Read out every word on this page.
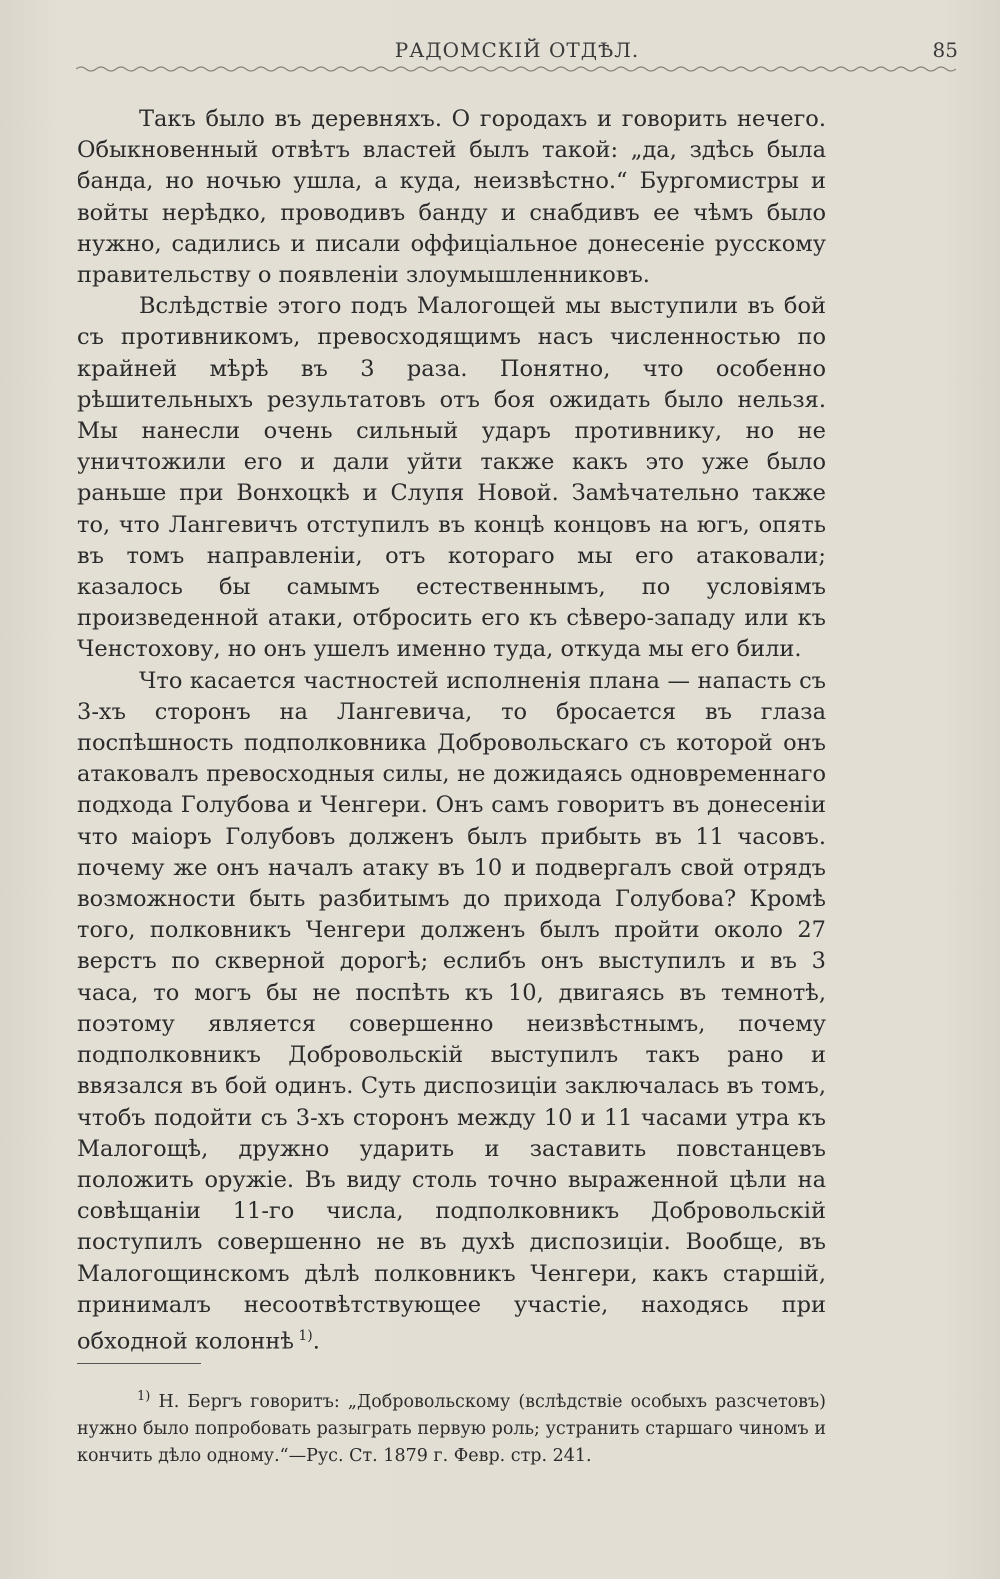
РАДОМСКІЙ ОТДѢЛ.	85

Такъ было въ деревняхъ. О городахъ и говорить нечего. Обыкновенный отвѣтъ властей былъ такой: „да, здѣсь была банда, но ночью ушла, а куда, неизвѣстно.“ Бургомистры и войты нерѣдко, проводивъ банду и снабдивъ ее чѣмъ было нужно, садились и писали оффиціальное донесеніе русскому правительству о появленіи злоумышленниковъ.

Вслѣдствіе этого подъ Малогощей мы выступили въ бой съ противникомъ, превосходящимъ насъ численностью по крайней мѣрѣ въ 3 раза. Понятно, что особенно рѣшительныхъ результатовъ отъ боя ожидать было нельзя. Мы нанесли очень сильный ударъ противнику, но не уничтожили его и дали уйти также какъ это уже было раньше при Вонхоцкѣ и Слупя Новой. Замѣчательно также то, что Лангевичъ отступилъ въ концѣ концовъ на югъ, опять въ томъ направленіи, отъ котораго мы его атаковали; казалось бы самымъ естественнымъ, по условіямъ произведенной атаки, отбросить его къ сѣверо-западу или къ Ченстохову, но онъ ушелъ именно туда, откуда мы его били.

Что касается частностей исполненія плана — напасть съ 3-хъ сторонъ на Лангевича, то бросается въ глаза поспѣшность подполковника Добровольскаго съ которой онъ атаковалъ превосходныя силы, не дожидаясь одновременнаго подхода Голубова и Ченгери. Онъ самъ говоритъ въ донесеніи что маіоръ Голубовъ долженъ былъ прибыть въ 11 часовъ. почему же онъ началъ атаку въ 10 и подвергалъ свой отрядъ возможности быть разбитымъ до прихода Голубова? Кромѣ того, полковникъ Ченгери долженъ былъ пройти около 27 верстъ по скверной дорогѣ; еслибъ онъ выступилъ и въ 3 часа, то могъ бы не поспѣть къ 10, двигаясь въ темнотѣ, поэтому является совершенно неизвѣстнымъ, почему подполковникъ Добровольскій выступилъ такъ рано и ввязался въ бой одинъ. Суть диспозиціи заключалась въ томъ, чтобъ подойти съ 3-хъ сторонъ между 10 и 11 часами утра къ Малогощѣ, дружно ударить и заставить повстанцевъ положить оружіе. Въ виду столь точно выраженной цѣли на совѣщаніи 11-го числа, подполковникъ Добровольскій поступилъ совершенно не въ духѣ диспозиціи. Вообще, въ Малогощинскомъ дѣлѣ полковникъ Ченгери, какъ старшій, принималъ несоотвѣтствующее участіе, находясь при обходной колоннѣ  $^{1)}$.

$^{1)}$ Н. Бергъ говоритъ: „Добровольскому (вслѣдствіе особыхъ разсчетовъ) нужно было попробовать разыграть первую роль; устранить старшаго чиномъ и кончить дѣло одному.“—Рус. Ст. 1879 г. Февр. стр. 241.
